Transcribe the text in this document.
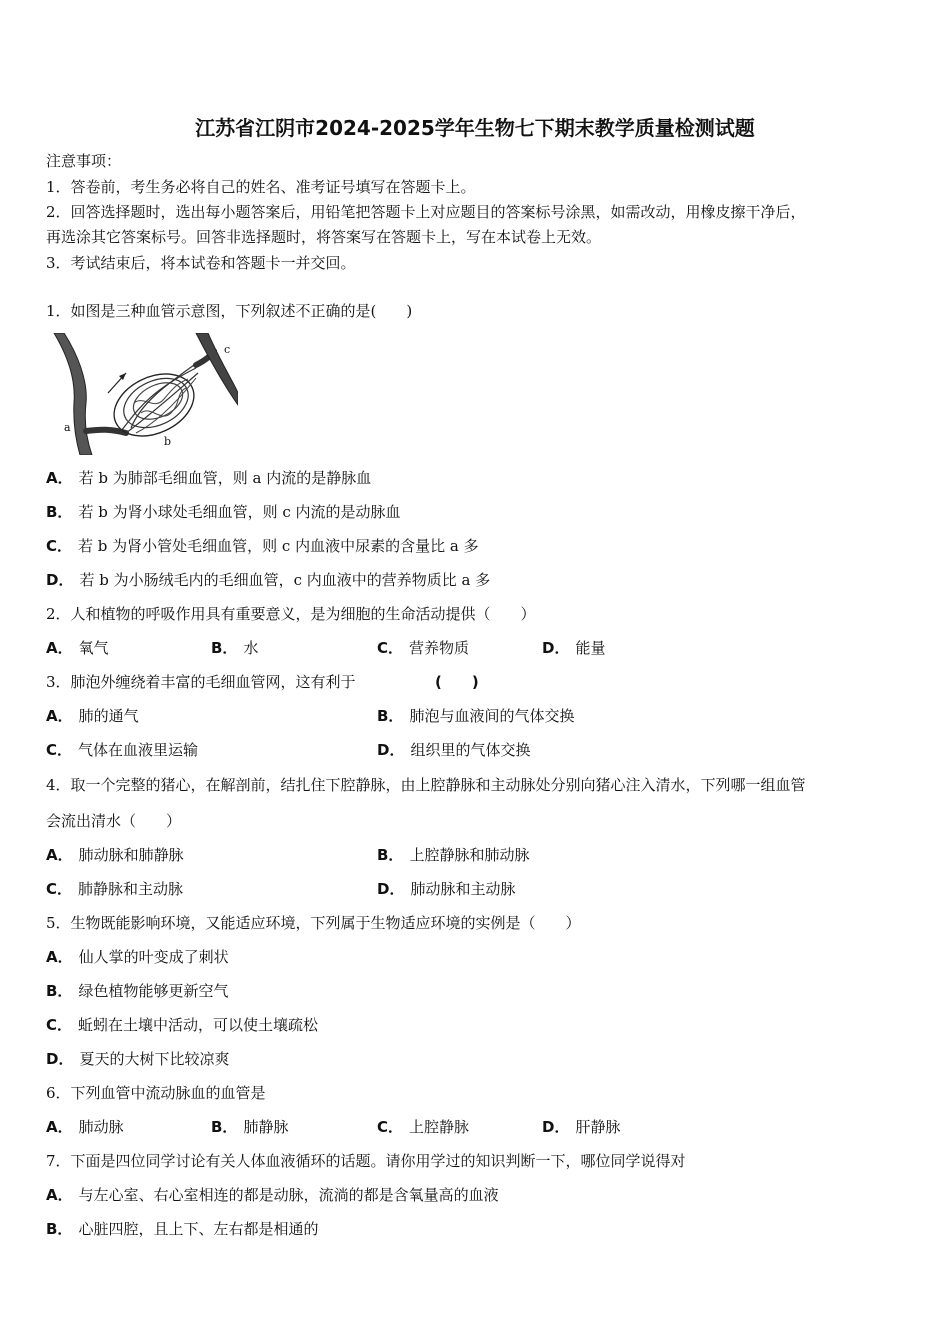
江苏省江阴市2024-2025学年生物七下期末教学质量检测试题
注意事项：
1．答卷前，考生务必将自己的姓名、准考证号填写在答题卡上。
2．回答选择题时，选出每小题答案后，用铅笔把答题卡上对应题目的答案标号涂黑，如需改动，用橡皮擦干净后，
再选涂其它答案标号。回答非选择题时，将答案写在答题卡上，写在本试卷上无效。
3．考试结束后，将本试卷和答题卡一并交回。
1．如图是三种血管示意图，下列叙述不正确的是(　　)
a
b
c
A． 若 b 为肺部毛细血管，则 a 内流的是静脉血
B． 若 b 为肾小球处毛细血管，则 c 内流的是动脉血
C． 若 b 为肾小管处毛细血管，则 c 内血液中尿素的含量比 a 多
D． 若 b 为小肠绒毛内的毛细血管，c 内血液中的营养物质比 a 多
2．人和植物的呼吸作用具有重要意义，是为细胞的生命活动提供（　　）
A． 氧气	B． 水	C． 营养物质	D． 能量
3．肺泡外缠绕着丰富的毛细血管网，这有利于	(　　)
A． 肺的通气	B． 肺泡与血液间的气体交换
C． 气体在血液里运输	D． 组织里的气体交换
4．取一个完整的猪心，在解剖前，结扎住下腔静脉，由上腔静脉和主动脉处分别向猪心注入清水，下列哪一组血管
会流出清水（　　）
A． 肺动脉和肺静脉	B． 上腔静脉和肺动脉
C． 肺静脉和主动脉	D． 肺动脉和主动脉
5．生物既能影响环境，又能适应环境，下列属于生物适应环境的实例是（　　）
A． 仙人掌的叶变成了刺状
B． 绿色植物能够更新空气
C． 蚯蚓在土壤中活动，可以使土壤疏松
D． 夏天的大树下比较凉爽
6．下列血管中流动脉血的血管是
A． 肺动脉	B． 肺静脉	C． 上腔静脉	D． 肝静脉
7．下面是四位同学讨论有关人体血液循环的话题。请你用学过的知识判断一下，哪位同学说得对
A． 与左心室、右心室相连的都是动脉，流淌的都是含氧量高的血液
B． 心脏四腔，且上下、左右都是相通的
